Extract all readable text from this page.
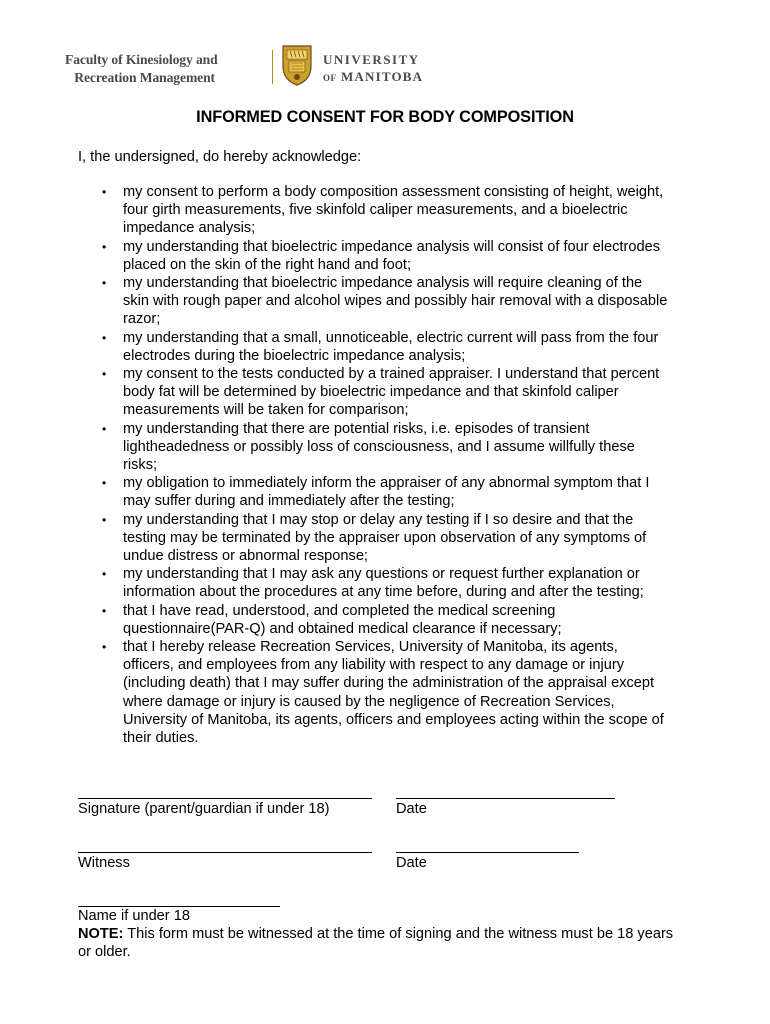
Faculty of Kinesiology and
Recreation Management
UNIVERSITY
OF MANITOBA
INFORMED CONSENT FOR BODY COMPOSITION
I, the undersigned, do hereby acknowledge:
• my consent to perform a body composition assessment consisting of height, weight,
four girth measurements, five skinfold caliper measurements, and a bioelectric
impedance analysis;
• my understanding that bioelectric impedance analysis will consist of four electrodes
placed on the skin of the right hand and foot;
• my understanding that bioelectric impedance analysis will require cleaning of the
skin with rough paper and alcohol wipes and possibly hair removal with a disposable
razor;
• my understanding that a small, unnoticeable, electric current will pass from the four
electrodes during the bioelectric impedance analysis;
• my consent to the tests conducted by a trained appraiser. I understand that percent
body fat will be determined by bioelectric impedance and that skinfold caliper
measurements will be taken for comparison;
• my understanding that there are potential risks, i.e. episodes of transient
lightheadedness or possibly loss of consciousness, and I assume willfully these
risks;
• my obligation to immediately inform the appraiser of any abnormal symptom that I
may suffer during and immediately after the testing;
• my understanding that I may stop or delay any testing if I so desire and that the
testing may be terminated by the appraiser upon observation of any symptoms of
undue distress or abnormal response;
• my understanding that I may ask any questions or request further explanation or
information about the procedures at any time before, during and after the testing;
• that I have read, understood, and completed the medical screening
questionnaire(PAR-Q) and obtained medical clearance if necessary;
• that I hereby release Recreation Services, University of Manitoba, its agents,
officers, and employees from any liability with respect to any damage or injury
(including death) that I may suffer during the administration of the appraisal except
where damage or injury is caused by the negligence of Recreation Services,
University of Manitoba, its agents, officers and employees acting within the scope of
their duties.
Signature (parent/guardian if under 18)	Date
Witness	Date
Name if under 18
NOTE: This form must be witnessed at the time of signing and the witness must be 18 years or older.
